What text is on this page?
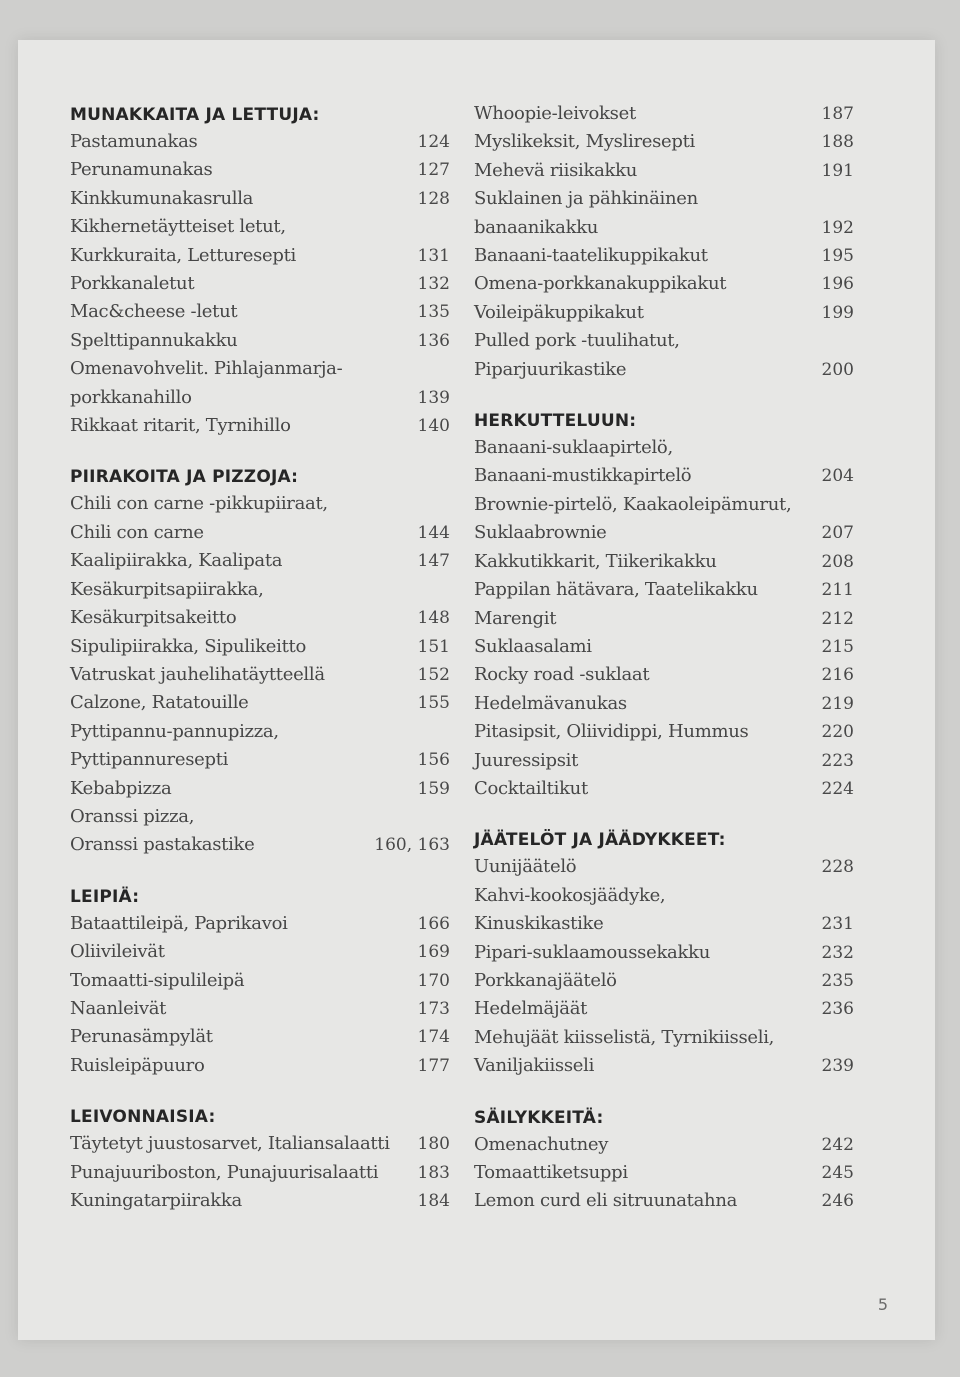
MUNAKKAITA JA LETTUJA:
Pastamunakas	124
Perunamunakas	127
Kinkkumunakasrulla	128
Kikhernetäytteiset letut,
Kurkkuraita, Letturesepti	131
Porkkanaletut	132
Mac&cheese -letut	135
Spelttipannukakku	136
Omenavohvelit. Pihlajanmarja-
porkkanahillo	139
Rikkaat ritarit, Tyrnihillo	140
PIIRAKOITA JA PIZZOJA:
Chili con carne -pikkupiiraat,
Chili con carne	144
Kaalipiirakka, Kaalipata	147
Kesäkurpitsapiirakka,
Kesäkurpitsakeitto	148
Sipulipiirakka, Sipulikeitto	151
Vatruskat jauhelihatäytteellä	152
Calzone, Ratatouille	155
Pyttipannu-pannupizza,
Pyttipannuresepti	156
Kebabpizza	159
Oranssi pizza,
Oranssi pastakastike	160, 163
LEIPIÄ:
Bataattileipä, Paprikavoi	166
Oliivileivät	169
Tomaatti-sipulileipä	170
Naanleivät	173
Perunasämpylät	174
Ruisleipäpuuro	177
LEIVONNAISIA:
Täytetyt juustosarvet, Italiansalaatti	180
Punajuuriboston, Punajuurisalaatti	183
Kuningatarpiirakka	184
Whoopie-leivokset	187
Myslikeksit, Mysliresepti	188
Mehevä riisikakku	191
Suklainen ja pähkinäinen
banaanikakku	192
Banaani-taatelikuppikakut	195
Omena-porkkanakuppikakut	196
Voileipäkuppikakut	199
Pulled pork -tuulihatut,
Piparjuurikastike	200
HERKUTTELUUN:
Banaani-suklaapirtelö,
Banaani-mustikkapirtelö	204
Brownie-pirtelö, Kaakaoleipämurut,
Suklaabrownie	207
Kakkutikkarit, Tiikerikakku	208
Pappilan hätävara, Taatelikakku	211
Marengit	212
Suklaasalami	215
Rocky road -suklaat	216
Hedelmävanukas	219
Pitasipsit, Oliividippi, Hummus	220
Juuressipsit	223
Cocktailtikut	224
JÄÄTELÖT JA JÄÄDYKKEET:
Uunijäätelö	228
Kahvi-kookosjäädyke,
Kinuskikastike	231
Pipari-suklaamoussekakku	232
Porkkanajäätelö	235
Hedelmäjäät	236
Mehujäät kiisselistä, Tyrnikiisseli,
Vaniljakiisseli	239
SÄILYKKEITÄ:
Omenachutney	242
Tomaattiketsuppi	245
Lemon curd eli sitruunatahna	246
5
